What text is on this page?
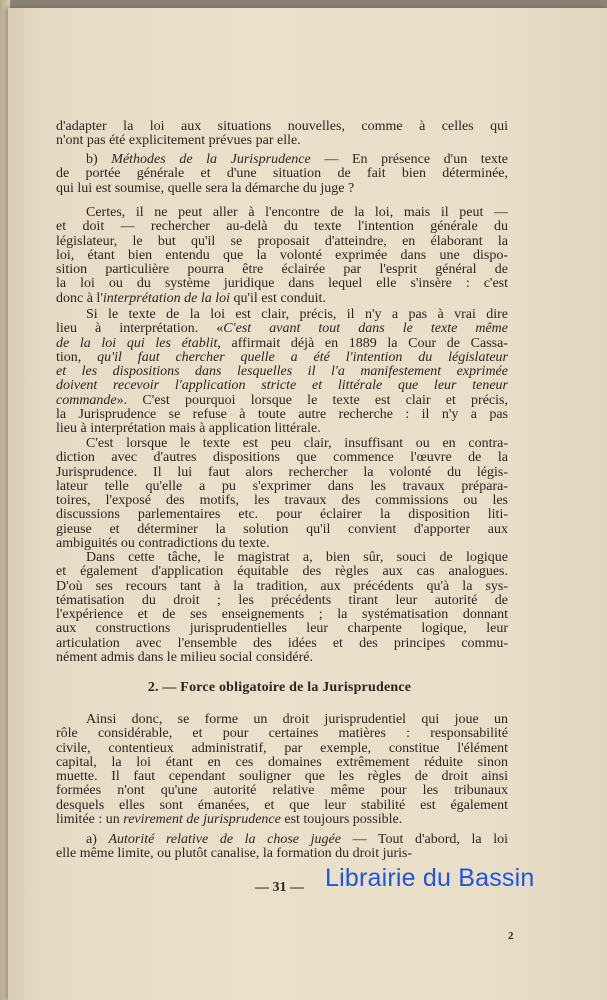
d'adapter la loi aux situations nouvelles, comme à celles qui
n'ont pas été explicitement prévues par elle.
b) Méthodes de la Jurisprudence — En présence d'un texte
de portée générale et d'une situation de fait bien déterminée,
qui lui est soumise, quelle sera la démarche du juge ?
Certes, il ne peut aller à l'encontre de la loi, mais il peut —
et doit — rechercher au-delà du texte l'intention générale du
législateur, le but qu'il se proposait d'atteindre, en élaborant la
loi, étant bien entendu que la volonté exprimée dans une dispo-
sition particulière pourra être éclairée par l'esprit général de
la loi ou du système juridique dans lequel elle s'insère : c'est
donc à l'interprétation de la loi qu'il est conduit.
Si le texte de la loi est clair, précis, il n'y a pas à vrai dire
lieu à interprétation. «C'est avant tout dans le texte même
de la loi qui les établit, affirmait déjà en 1889 la Cour de Cassa-
tion, qu'il faut chercher quelle a été l'intention du législateur
et les dispositions dans lesquelles il l'a manifestement exprimée
doivent recevoir l'application stricte et littérale que leur teneur
commande». C'est pourquoi lorsque le texte est clair et précis,
la Jurisprudence se refuse à toute autre recherche : il n'y a pas
lieu à interprétation mais à application littérale.
C'est lorsque le texte est peu clair, insuffisant ou en contra-
diction avec d'autres dispositions que commence l'œuvre de la
Jurisprudence. Il lui faut alors rechercher la volonté du légis-
lateur telle qu'elle a pu s'exprimer dans les travaux prépara-
toires, l'exposé des motifs, les travaux des commissions ou les
discussions parlementaires etc. pour éclairer la disposition liti-
gieuse et déterminer la solution qu'il convient d'apporter aux
ambiguités ou contradictions du texte.
Dans cette tâche, le magistrat a, bien sûr, souci de logique
et également d'application équitable des règles aux cas analogues.
D'où ses recours tant à la tradition, aux précédents qu'à la sys-
tématisation du droit ; les précédents tirant leur autorité de
l'expérience et de ses enseignements ; la systématisation donnant
aux constructions jurisprudentielles leur charpente logique, leur
articulation avec l'ensemble des idées et des principes commu-
nément admis dans le milieu social considéré.
Ainsi donc, se forme un droit jurisprudentiel qui joue un
rôle considérable, et pour certaines matières : responsabilité
civile, contentieux administratif, par exemple, constitue l'élément
capital, la loi étant en ces domaines extrêmement réduite sinon
muette. Il faut cependant souligner que les règles de droit ainsi
formées n'ont qu'une autorité relative même pour les tribunaux
desquels elles sont émanées, et que leur stabilité est également
limitée : un revirement de jurisprudence est toujours possible.
a) Autorité relative de la chose jugée — Tout d'abord, la loi
elle même limite, ou plutôt canalise, la formation du droit juris-
2. — Force obligatoire de la Jurisprudence
— 31 —
2
Librairie du Bassin
